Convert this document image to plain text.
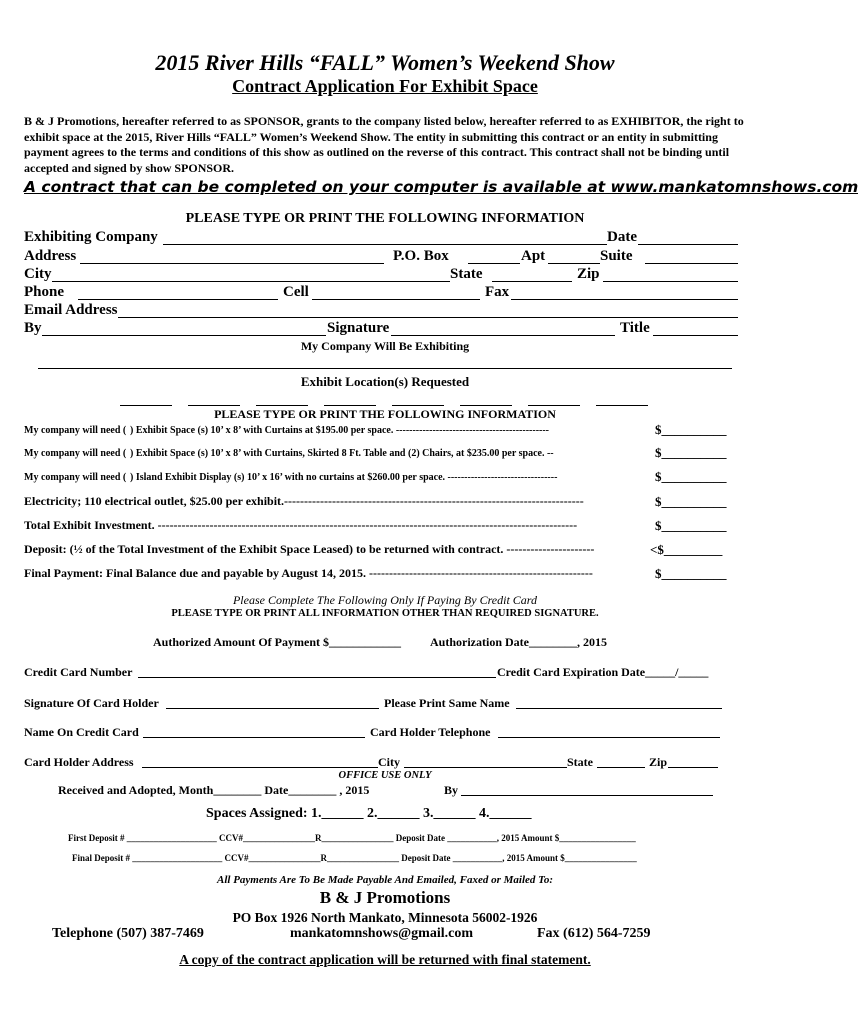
2015 River Hills “FALL” Women’s Weekend Show
Contract Application For Exhibit Space
B & J Promotions, hereafter referred to as SPONSOR, grants to the company listed below, hereafter referred to as EXHIBITOR, the right to exhibit space at the 2015, River Hills “FALL” Women’s Weekend Show. The entity in submitting this contract or an entity in submitting payment agrees to the terms and conditions of this show as outlined on the reverse of this contract. This contract shall not be binding until accepted and signed by show SPONSOR.
A contract that can be completed on your computer is available at www.mankatomnshows.com
PLEASE TYPE OR PRINT THE FOLLOWING INFORMATION
Exhibiting Company	Date
Address	P.O. Box	Apt	Suite
City	State	Zip
Phone	Cell	Fax
Email Address
By	Signature	Title
My Company Will Be Exhibiting
Exhibit Location(s) Requested
PLEASE TYPE OR PRINT THE FOLLOWING INFORMATION
My company will need ( ) Exhibit Space (s) 10’ x 8’ with Curtains at $195.00 per space. ----------------------------------------------	$__________
My company will need ( ) Exhibit Space (s) 10’ x 8’ with Curtains, Skirted 8 Ft. Table and (2) Chairs, at $235.00 per space. --	$__________
My company will need ( ) Island Exhibit Display (s) 10’ x 16’ with no curtains at $260.00 per space. ---------------------------------	$__________
Electricity; 110 electrical outlet, $25.00 per exhibit.---------------------------------------------------------------------------	$__________
Total Exhibit Investment. ---------------------------------------------------------------------------------------------------------	$__________
Deposit: (½ of the Total Investment of the Exhibit Space Leased) to be returned with contract. ----------------------	<$_________
Final Payment: Final Balance due and payable by August 14, 2015. --------------------------------------------------------	$__________
Please Complete The Following Only If Paying By Credit Card
PLEASE TYPE OR PRINT ALL INFORMATION OTHER THAN REQUIRED SIGNATURE.
Authorized Amount Of Payment $____________ Authorization Date________, 2015
Credit Card Number	Credit Card Expiration Date_____/_____
Signature Of Card Holder	Please Print Same Name
Name On Credit Card	Card Holder Telephone
Card Holder Address	City	State	Zip
OFFICE USE ONLY
Received and Adopted, Month________ Date________ , 2015	By
Spaces Assigned: 1.______ 2.______ 3.______ 4.______
First Deposit # ____________________ CCV#________________R________________ Deposit Date ___________, 2015 Amount $_________________
Final Deposit # ____________________ CCV#________________R________________ Deposit Date ___________, 2015 Amount $________________
All Payments Are To Be Made Payable And Emailed, Faxed or Mailed To:
B & J Promotions
PO Box 1926 North Mankato, Minnesota 56002-1926
Telephone (507) 387-7469	mankatomnshows@gmail.com	Fax (612) 564-7259
A copy of the contract application will be returned with final statement.
